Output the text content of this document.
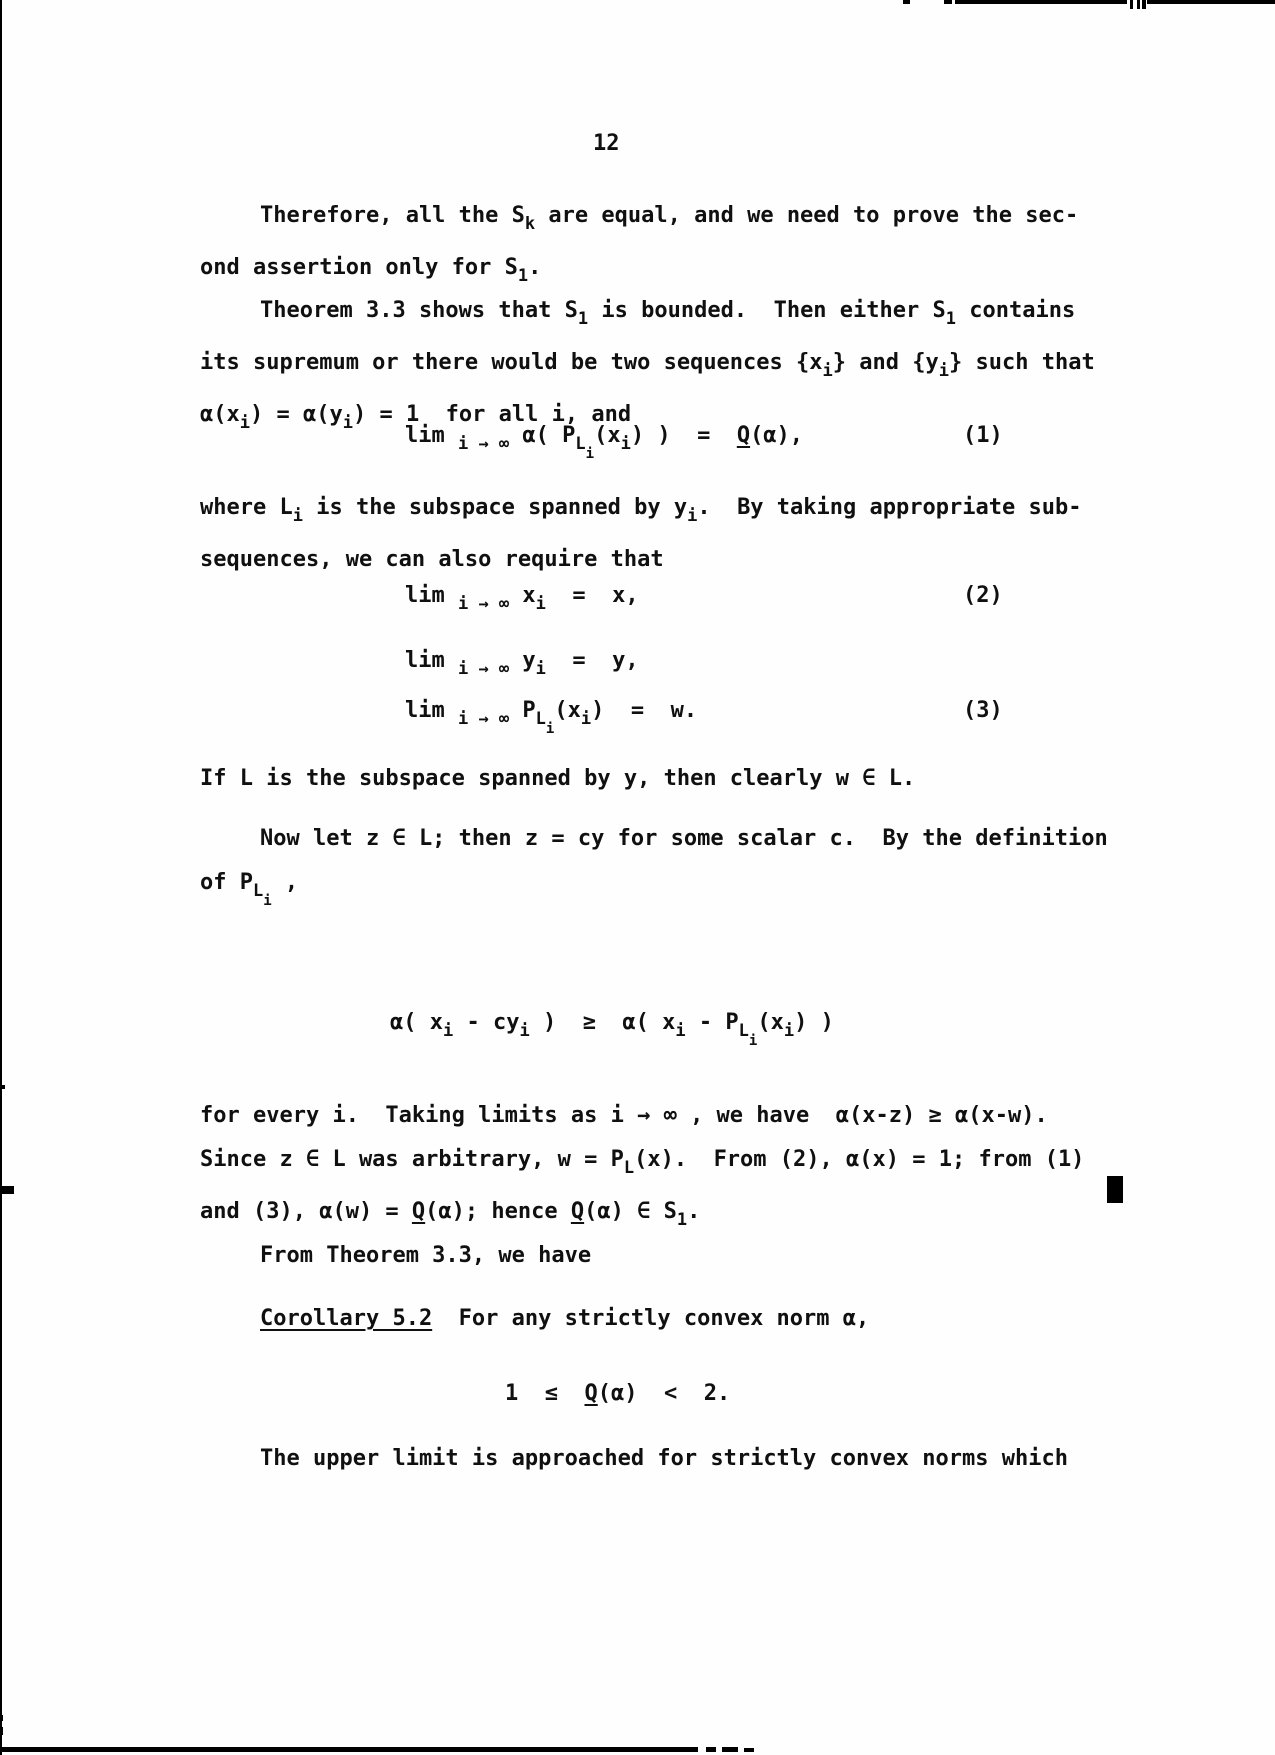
12
Therefore, all the $S_k$ are equal, and we need to prove the sec-
ond assertion only for $S_1$.
Theorem 3.3 shows that $S_1$ is bounded.  Then either $S_1$ contains
its supremum or there would be two sequences $\{x_i\}$ and $\{y_i\}$ such that
$\alpha(x_i) = \alpha(y_i) = 1$  for all i, and
lim $_{i \to \infty}$ α( $P_{Li}(x_i)$ )  =  Q(α),	(1)
where $L_i$ is the subspace spanned by $y_i$.  By taking appropriate sub-
sequences, we can also require that
lim $_{i \to \infty}$ $x_i = x$,	(2)
lim $_{i \to \infty}$ $y_i = y$,
lim $_{i \to \infty}$ $P_{Li}(x_i) = w$.	(3)
If L is the subspace spanned by y, then clearly w ∈ L.
Now let z ∈ L; then z = cy for some scalar c.  By the definition
of $P_{Li}$ ,
α( $x_i - cy_i$ )  ≥  α( $x_i - P_{Li}(x_i)$ )
for every i.  Taking limits as i → ∞ , we have  α(x-z) ≥ α(x-w).
Since z ∈ L was arbitrary, $w = P_L(x)$.  From (2), α(x) = 1; from (1)
and (3), α(w) = Q(α); hence Q(α) ∈ $S_1$.
From Theorem 3.3, we have
Corollary 5.2  For any strictly convex norm α,
1  ≤  Q(α)  <  2.
The upper limit is approached for strictly convex norms which
